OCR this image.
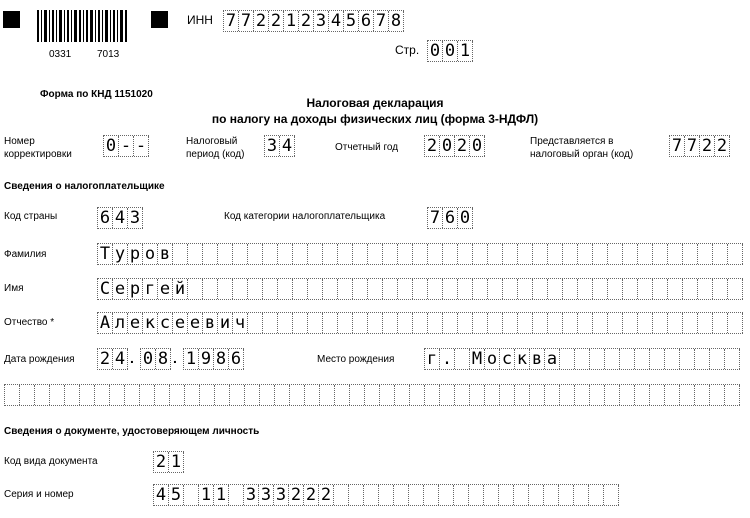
0331	7013
ИНН 7 7 2 2 1 2 3 4 5 6 7 8
Стр. 0 0 1
Форма по КНД 1151020
Налоговая декларация
по налогу на доходы физических лиц (форма 3-НДФЛ)
Номер
корректировки 0 - -	Налоговый
период (код) 3 4	Отчетный год 2 0 2 0	Представляется в
налоговый орган (код) 7 7 2 2
Сведения о налогоплательщике
Код страны	6 4 3	Код категории налогоплательщика	7 6 0
Фамилия	Т у р о в
Имя	С е р г е й
Отчество *	А л е к с е е в и ч
Дата рождения 2 4 . 0 8 . 1 9 8 6	Место рождения г . М о с к в а
Сведения о документе, удостоверяющем личность
Код вида документа	2 1
Серия и номер	4 5 1 1 3 3 3 2 2 2
